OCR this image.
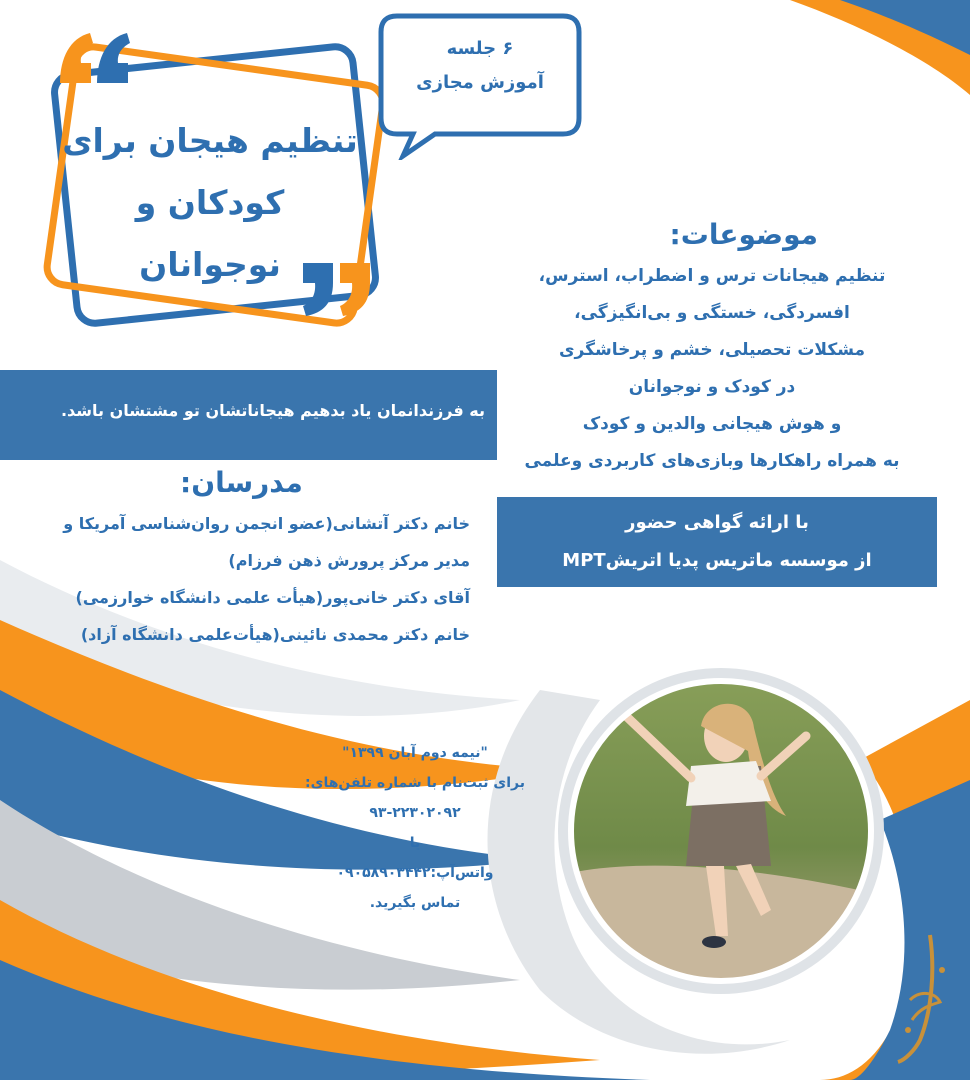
تنظیم هیجان برای
کودکان و نوجوانان
۶ جلسه
آموزش مجازی
به فرزندانمان یاد بدهیم هیجاناتشان تو مشتشان باشد.
موضوعات:
تنظیم هیجانات ترس و اضطراب، استرس،
افسردگی، خستگی و بی‌انگیزگی،
مشکلات تحصیلی، خشم و پرخاشگری
در کودک و نوجوانان
و هوش هیجانی والدین و کودک
به همراه راهکارها وبازی‌های کاربردی وعلمی
با ارائه گواهی حضور
از موسسه ماتریس پدیا اتریشMPT
مدرسان:
خانم دکتر آتشانی(عضو انجمن روان‌شناسی آمریکا و
مدیر مرکز پرورش ذهن فرزام)
آقای دکتر خانی‌پور(هیأت علمی دانشگاه خوارزمی)
خانم دکتر محمدی نائینی(هیأت‌علمی دانشگاه آزاد)
"نیمه دوم آبان ۱۳۹۹"
برای ثبت‌نام با شماره تلفن‌های:
۹۳-۲۲۳۰۲۰۹۲
یا
واتس‌آپ:۰۹۰۵۸۹۰۳۴۴۲
تماس بگیرید.
